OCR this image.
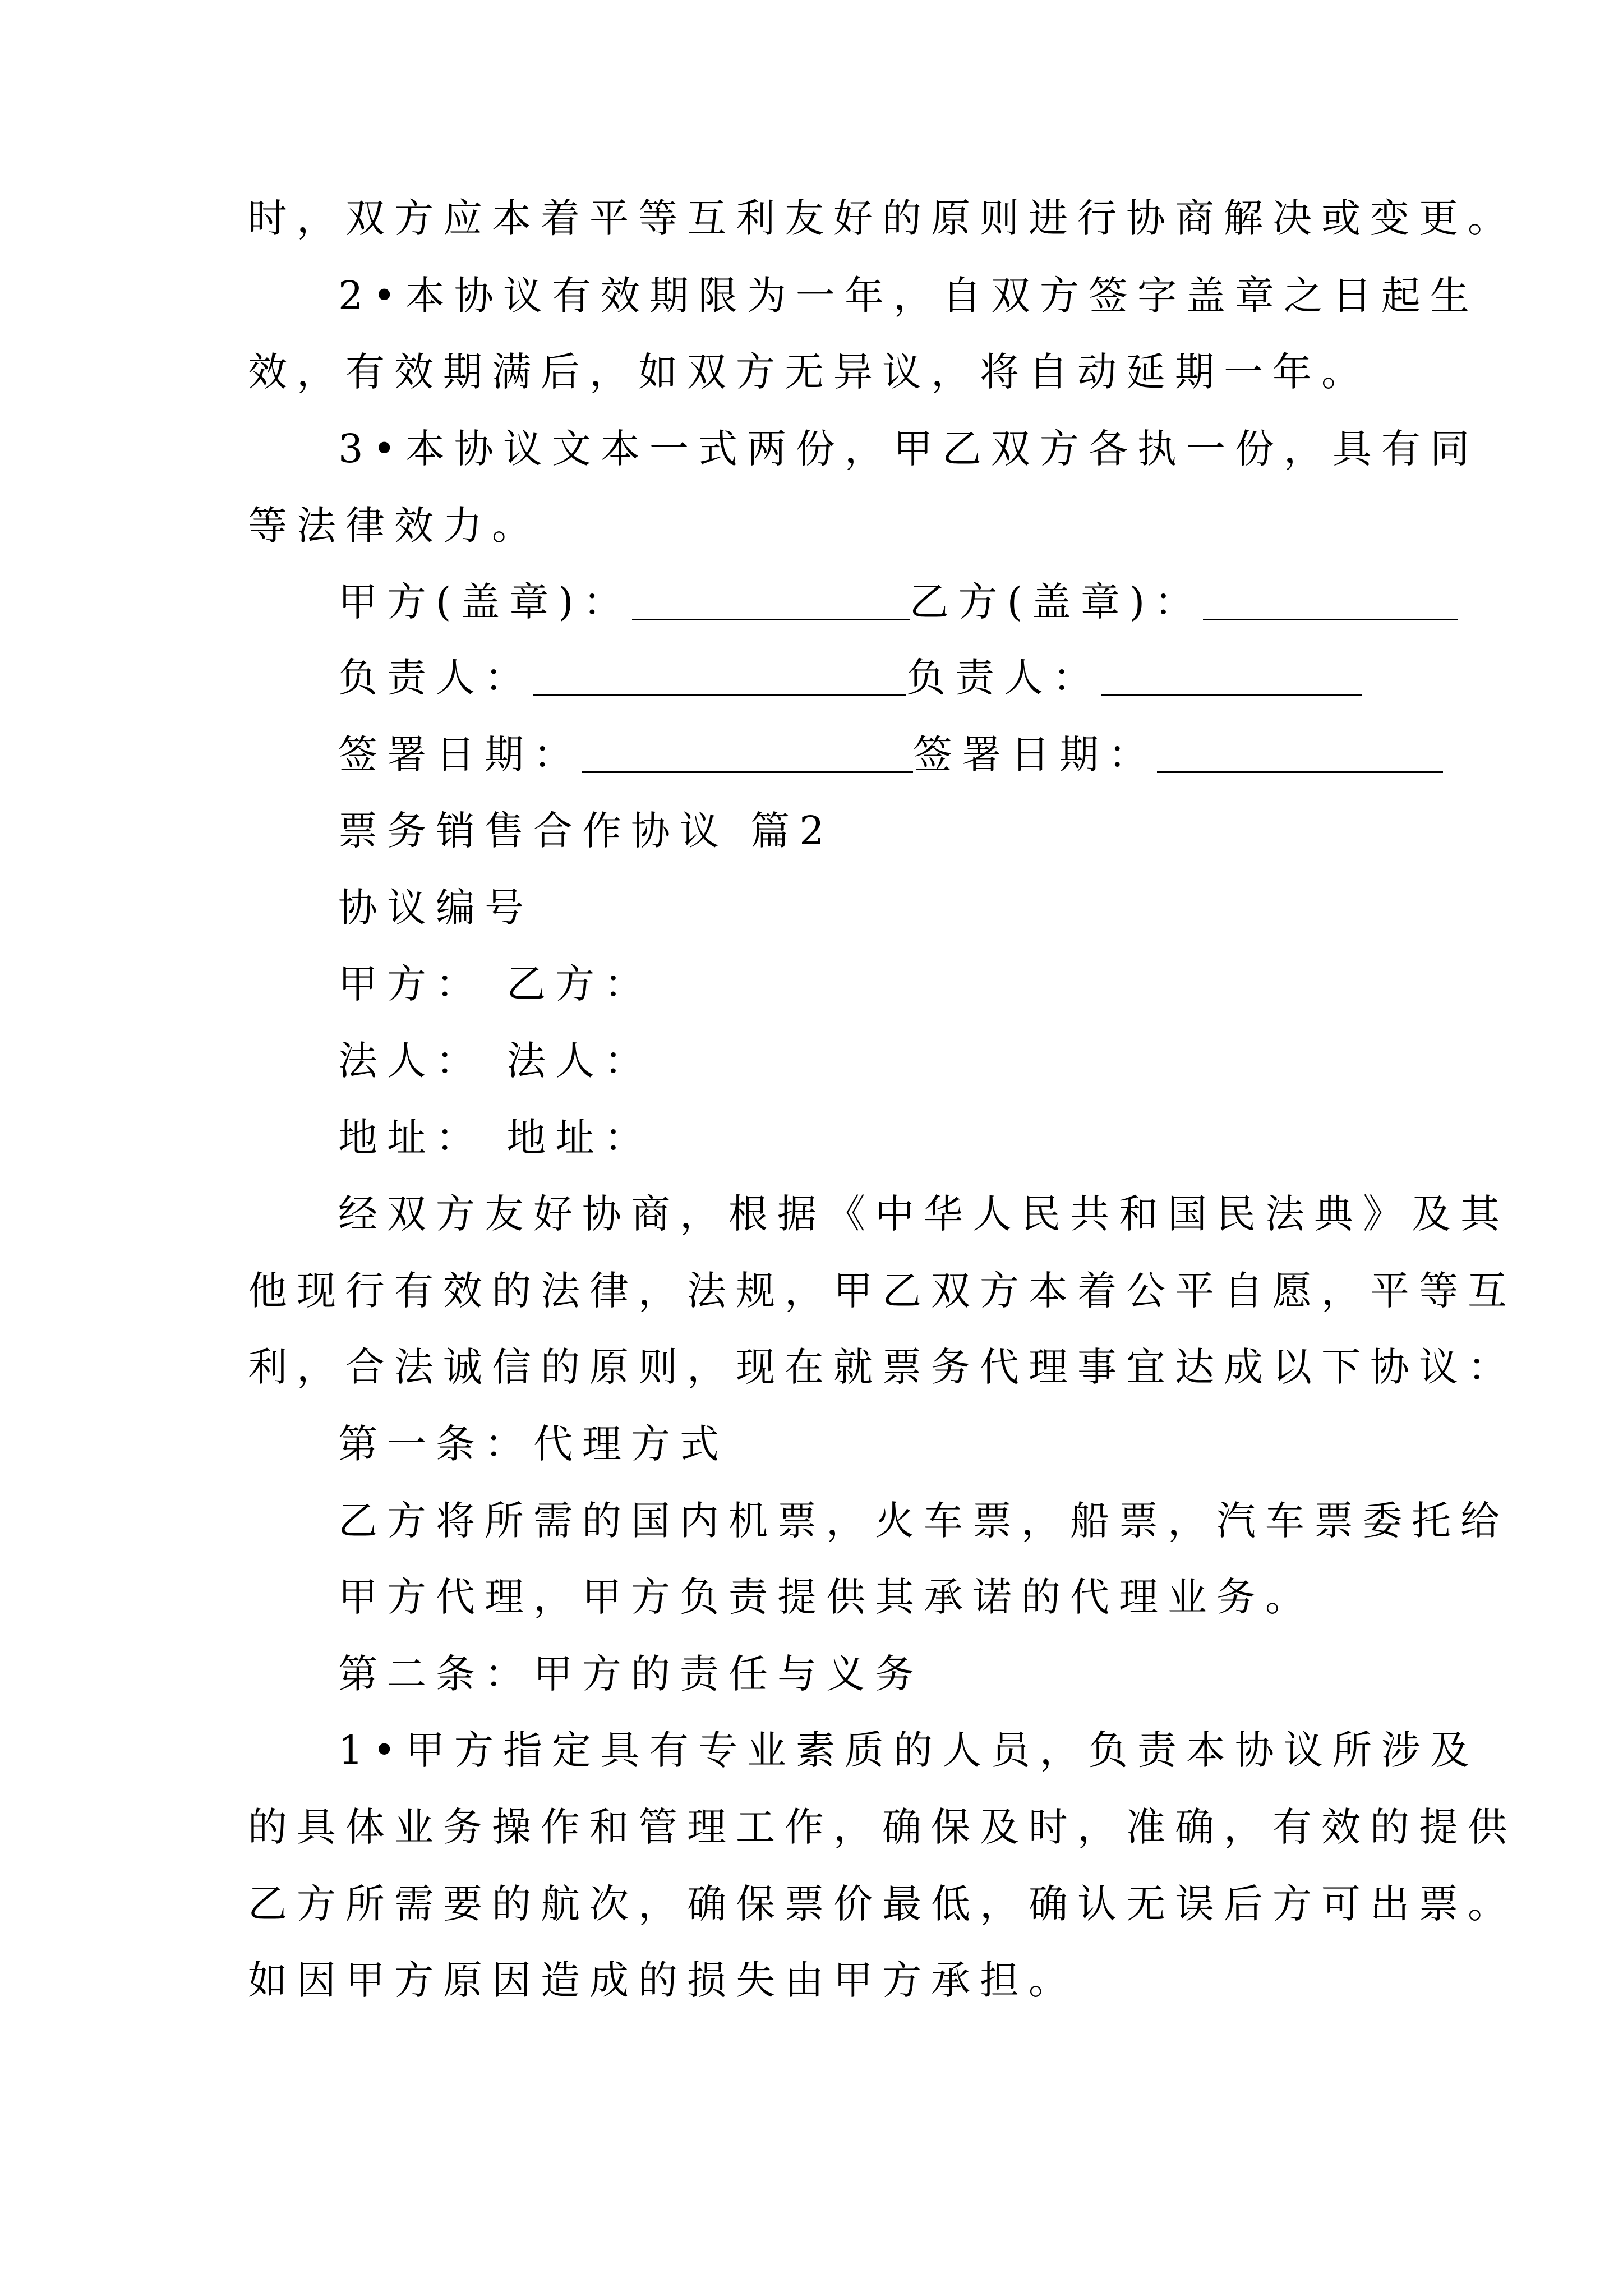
时，双方应本着平等互利友好的原则进行协商解决或变更。
2•本协议有效期限为一年，自双方签字盖章之日起生
效，有效期满后，如双方无异议，将自动延期一年。
3•本协议文本一式两份，甲乙双方各执一份，具有同
等法律效力。
甲方(盖章)：	乙方(盖章)：
负责人：	负责人：
签署日期：	签署日期：
票务销售合作协议 篇2
协议编号
甲方： 乙方：
法人： 法人：
地址： 地址：
经双方友好协商，根据《中华人民共和国民法典》及其
他现行有效的法律，法规，甲乙双方本着公平自愿，平等互
利，合法诚信的原则，现在就票务代理事宜达成以下协议：
第一条：代理方式
乙方将所需的国内机票，火车票，船票，汽车票委托给
甲方代理，甲方负责提供其承诺的代理业务。
第二条：甲方的责任与义务
1•甲方指定具有专业素质的人员，负责本协议所涉及
的具体业务操作和管理工作，确保及时，准确，有效的提供
乙方所需要的航次，确保票价最低，确认无误后方可出票。
如因甲方原因造成的损失由甲方承担。
